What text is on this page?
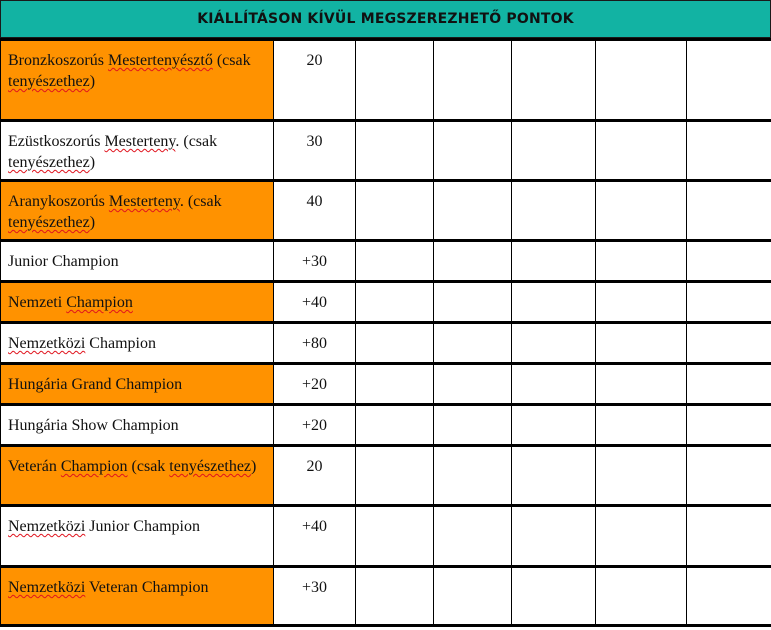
KIÁLLÍTÁSON KÍVÜL MEGSZEREZHETŐ PONTOK
Bronzkoszorús Mestertenyésztő (csak tenyészethez)	20					
Ezüstkoszorús Mesterteny. (csak tenyészethez)	30					
Aranykoszorús Mesterteny. (csak tenyészethez)	40					
Junior Champion	+30					
Nemzeti Champion	+40					
Nemzetközi Champion	+80					
Hungária Grand Champion	+20					
Hungária Show Champion	+20					
Veterán Champion (csak tenyészethez)	20					
Nemzetközi Junior Champion	+40					
Nemzetközi Veteran Champion	+30					
